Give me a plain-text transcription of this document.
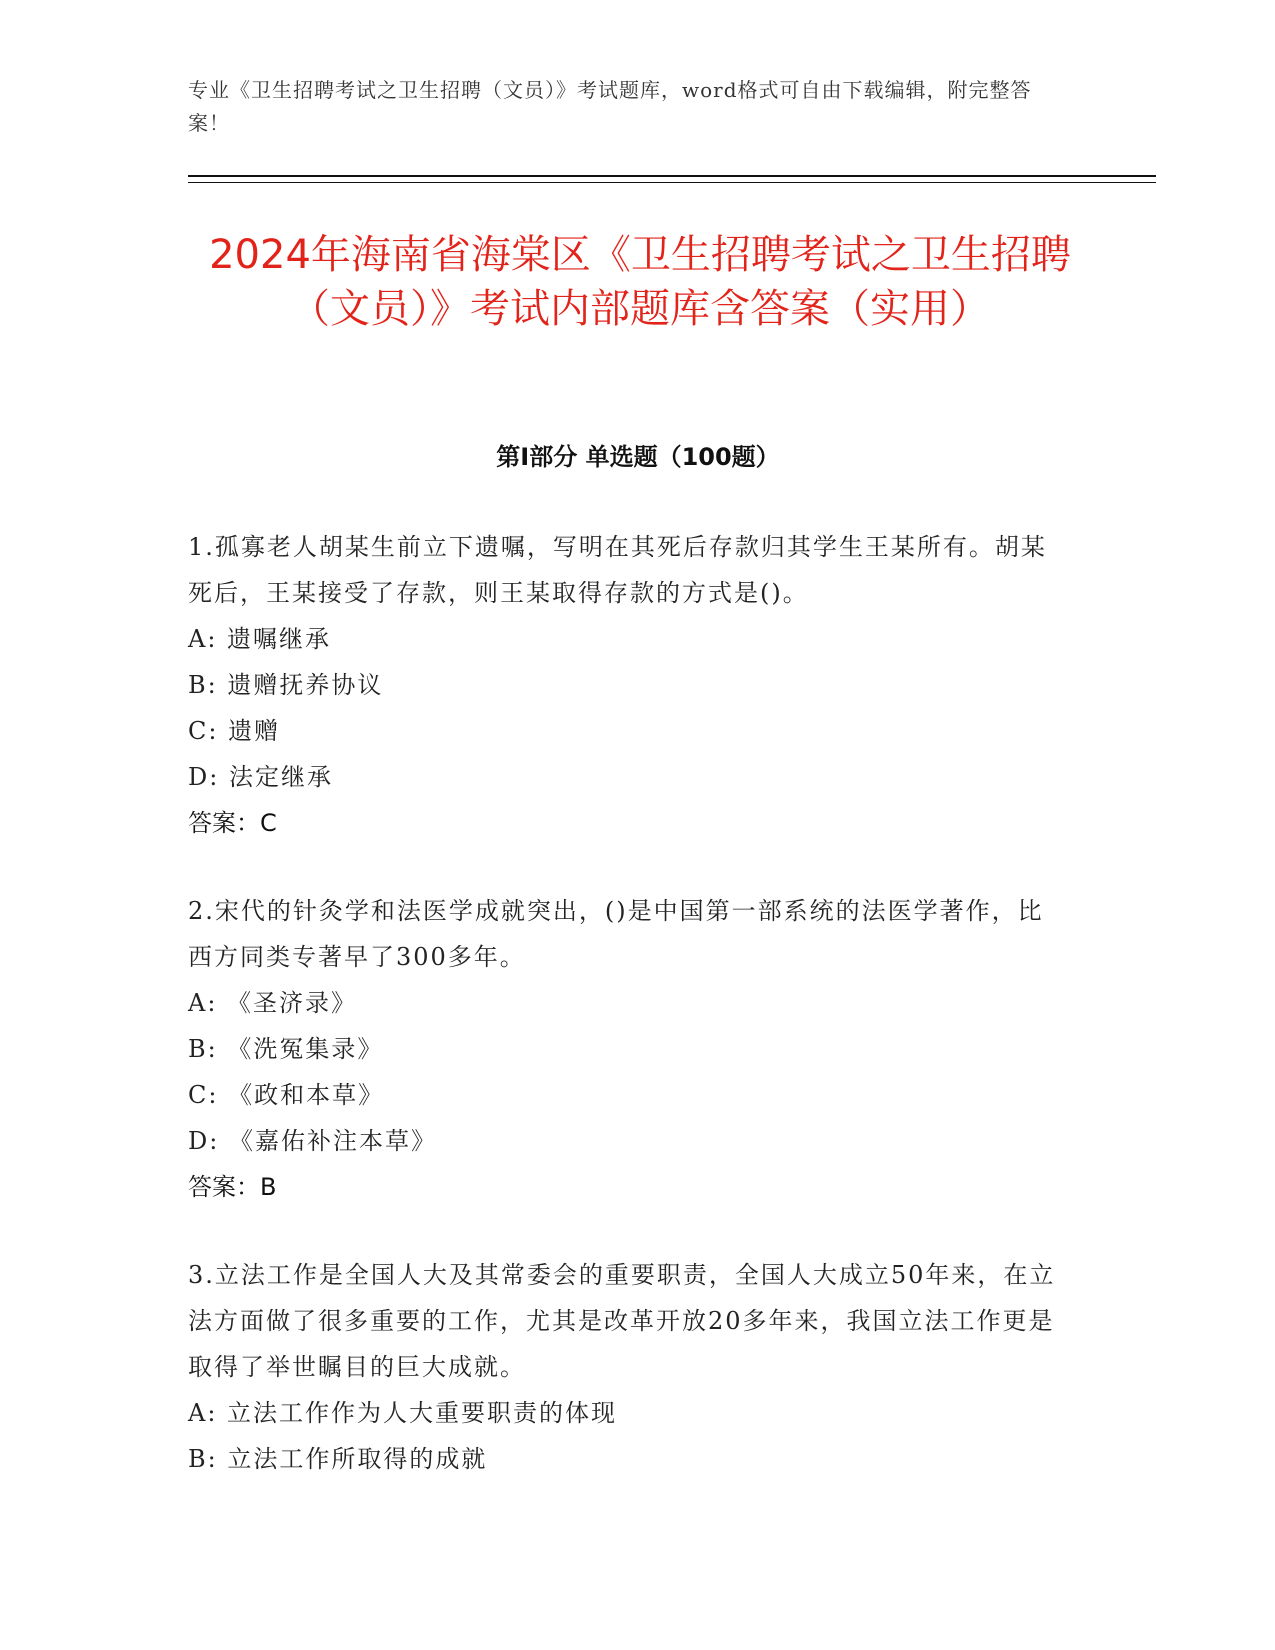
专业《卫生招聘考试之卫生招聘（文员）》考试题库，word格式可自由下载编辑，附完整答案！
2024年海南省海棠区《卫生招聘考试之卫生招聘（文员）》考试内部题库含答案（实用）
第I部分 单选题（100题）
1.孤寡老人胡某生前立下遗嘱，写明在其死后存款归其学生王某所有。胡某死后，王某接受了存款，则王某取得存款的方式是()。
A: 遗嘱继承
B: 遗赠抚养协议
C: 遗赠
D: 法定继承
答案：C
2.宋代的针灸学和法医学成就突出，()是中国第一部系统的法医学著作，比西方同类专著早了300多年。
A: 《圣济录》
B: 《洗冤集录》
C: 《政和本草》
D: 《嘉佑补注本草》
答案：B
3.立法工作是全国人大及其常委会的重要职责，全国人大成立50年来，在立法方面做了很多重要的工作，尤其是改革开放20多年来，我国立法工作更是取得了举世瞩目的巨大成就。
A: 立法工作作为人大重要职责的体现
B: 立法工作所取得的成就
